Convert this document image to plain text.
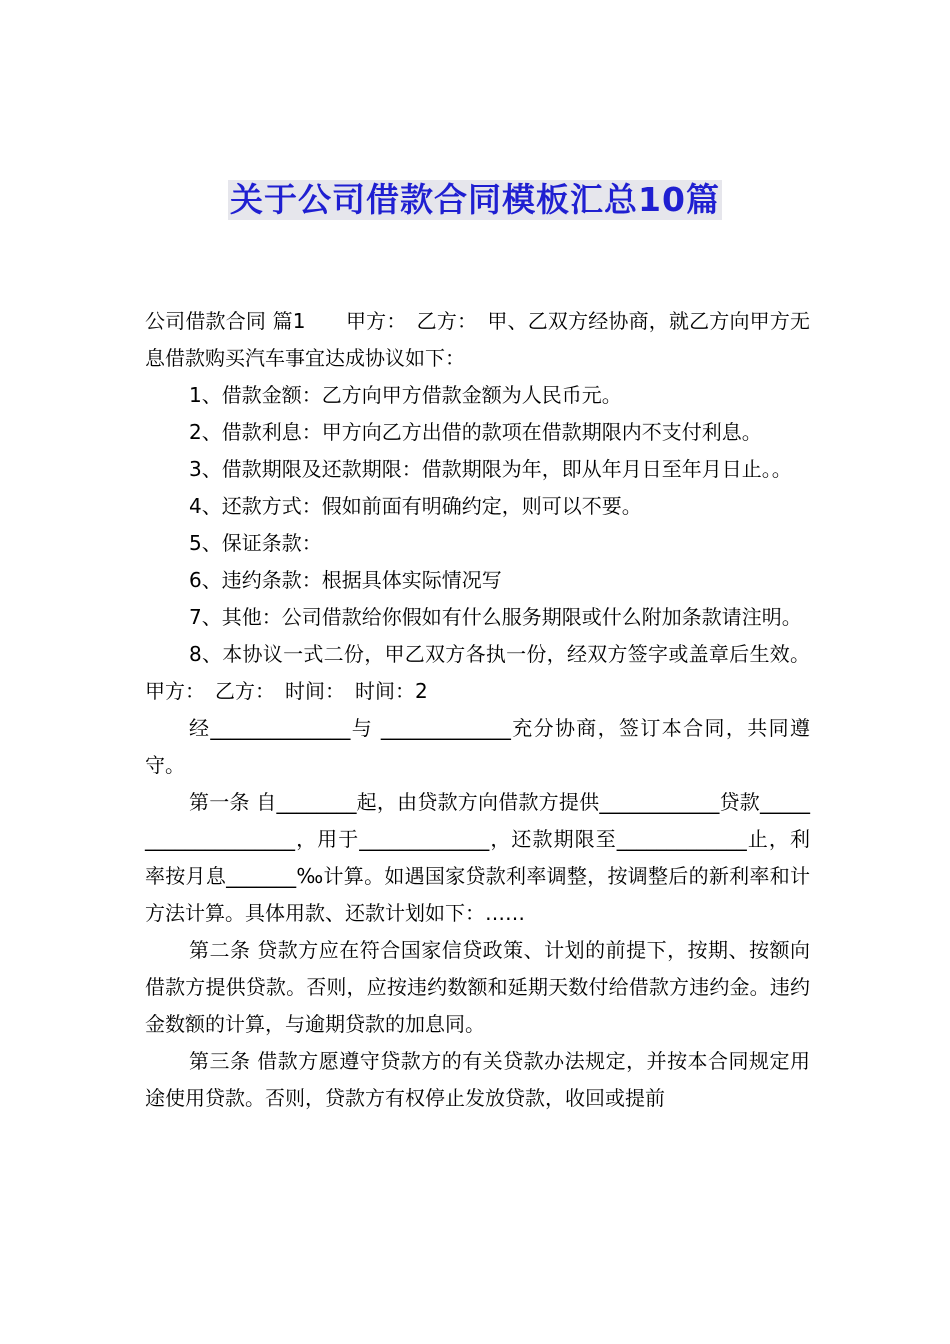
关于公司借款合同模板汇总10篇

公司借款合同 篇1　　甲方：　乙方：　甲、乙双方经协商，就乙方向甲方无息借款购买汽车事宜达成协议如下：

1、借款金额：乙方向甲方借款金额为人民币元。

2、借款利息：甲方向乙方出借的款项在借款期限内不支付利息。

3、借款期限及还款期限：借款期限为年，即从年月日至年月日止。。

4、还款方式：假如前面有明确约定，则可以不要。

5、保证条款：

6、违约条款：根据具体实际情况写

7、其他：公司借款给你假如有什么服务期限或什么附加条款请注明。

8、本协议一式二份，甲乙双方各执一份，经双方签字或盖章后生效。 甲方：　乙方：　时间：　时间：2

经______________与 _____________充分协商，签订本合同，共同遵守。

第一条 自________起，由贷款方向借款方提供____________贷款____________________，用于_____________，还款期限至_____________止，利率按月息_______‰计算。如遇国家贷款利率调整，按调整后的新利率和计方法计算。具体用款、还款计划如下：……

第二条 贷款方应在符合国家信贷政策、计划的前提下，按期、按额向借款方提供贷款。否则，应按违约数额和延期天数付给借款方违约金。违约金数额的计算，与逾期贷款的加息同。

第三条 借款方愿遵守贷款方的有关贷款办法规定，并按本合同规定用途使用贷款。否则，贷款方有权停止发放贷款，收回或提前
